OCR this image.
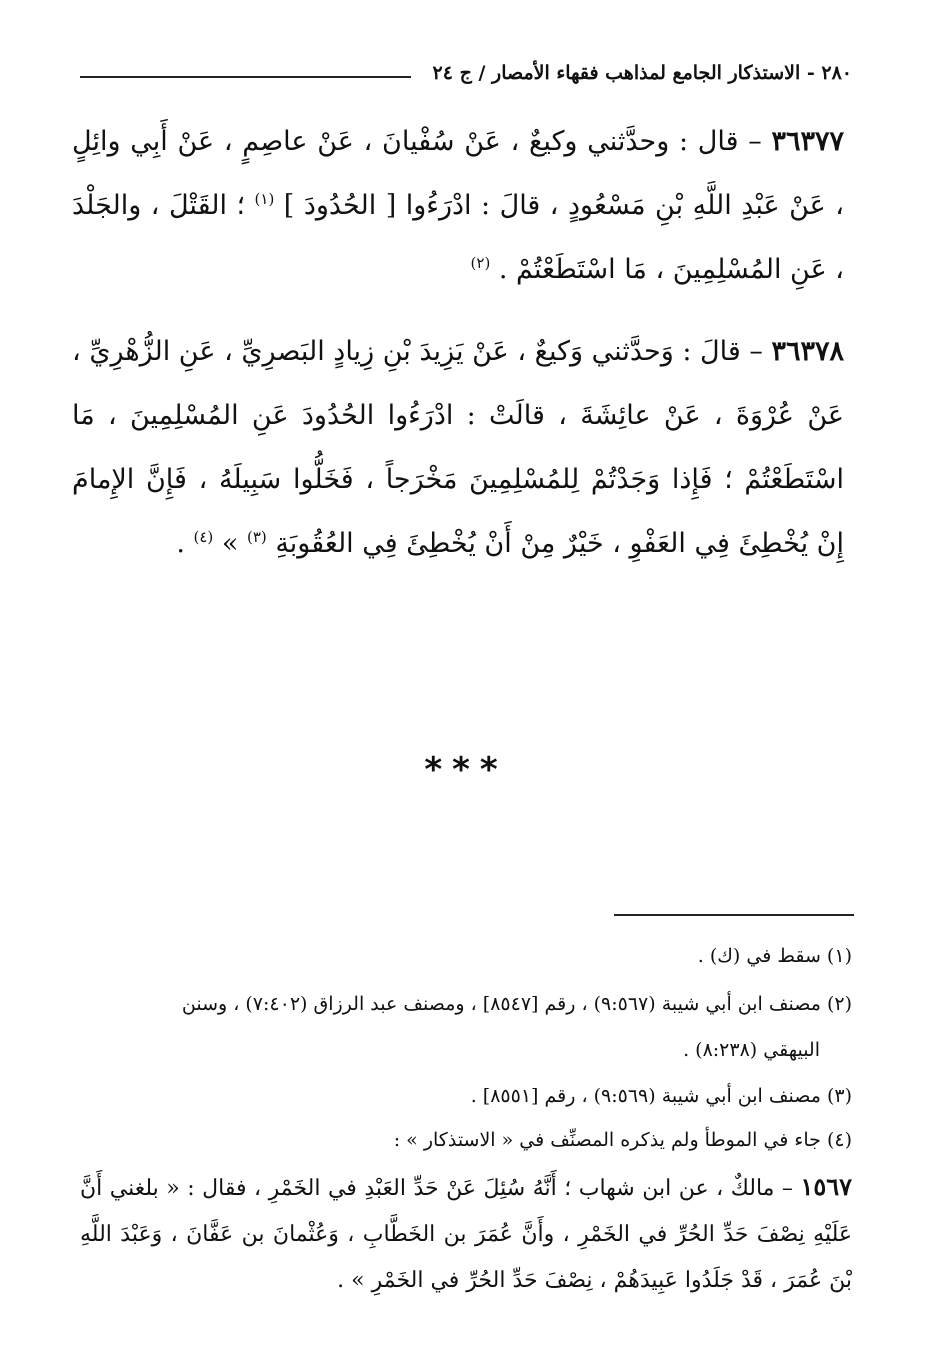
٢٨٠ - الاستذكار الجامع لمذاهب فقهاء الأمصار / ج ٢٤

٣٦٣٧٧ – قال : وحدَّثني وكيعٌ ، عَنْ سُفْيانَ ، عَنْ عاصِمٍ ، عَنْ أَبِي وائِلٍ ، عَنْ عَبْدِ اللَّهِ بْنِ مَسْعُودٍ ، قالَ : ادْرَءُوا [ الحُدُودَ ] $^{(١)}$ ؛ القَتْلَ ، والجَلْدَ ، عَنِ المُسْلِمِينَ ، مَا اسْتَطَعْتُمْ . $^{(٢)}$

٣٦٣٧٨ – قالَ : وَحدَّثني وَكيعٌ ، عَنْ يَزِيدَ بْنِ زِيادٍ البَصرِيِّ ، عَنِ الزُّهْرِيِّ ، عَنْ عُرْوَةَ ، عَنْ عائِشَةَ ، قالَتْ : ادْرَءُوا الحُدُودَ عَنِ المُسْلِمِينَ ، مَا اسْتَطَعْتُمْ ؛ فَإِذا وَجَدْتُمْ لِلمُسْلِمِينَ مَخْرَجاً ، فَخَلُّوا سَبِيلَهُ ، فَإِنَّ الإِمامَ إِنْ يُخْطِئَ فِي العَفْوِ ، خَيْرٌ مِنْ أَنْ يُخْطِئَ فِي العُقُوبَةِ $^{(٣)}$ » $^{(٤)}$ .

***

(١) سقط في (ك) .

(٢) مصنف ابن أبي شيبة (٩:٥٦٧) ، رقم [٨٥٤٧] ، ومصنف عبد الرزاق (٧:٤٠٢) ، وسنن

البيهقي (٨:٢٣٨) .

(٣) مصنف ابن أبي شيبة (٩:٥٦٩) ، رقم [٨٥٥١] .

(٤) جاء في الموطأ ولم يذكره المصنِّف في « الاستذكار » :

١٥٦٧ – مالكٌ ، عن ابن شهاب ؛ أَنَّهُ سُئِلَ عَنْ حَدِّ العَبْدِ في الخَمْرِ ، فقال : « بلغني أَنَّ عَلَيْهِ نِصْفَ حَدِّ الحُرِّ في الخَمْرِ ، وأَنَّ عُمَرَ بن الخَطَّابِ ، وَعُثْمانَ بن عَفَّانَ ، وَعَبْدَ اللَّهِ بْنَ عُمَرَ ، قَدْ جَلَدُوا عَبِيدَهُمْ ، نِصْفَ حَدِّ الحُرِّ في الخَمْرِ » .
